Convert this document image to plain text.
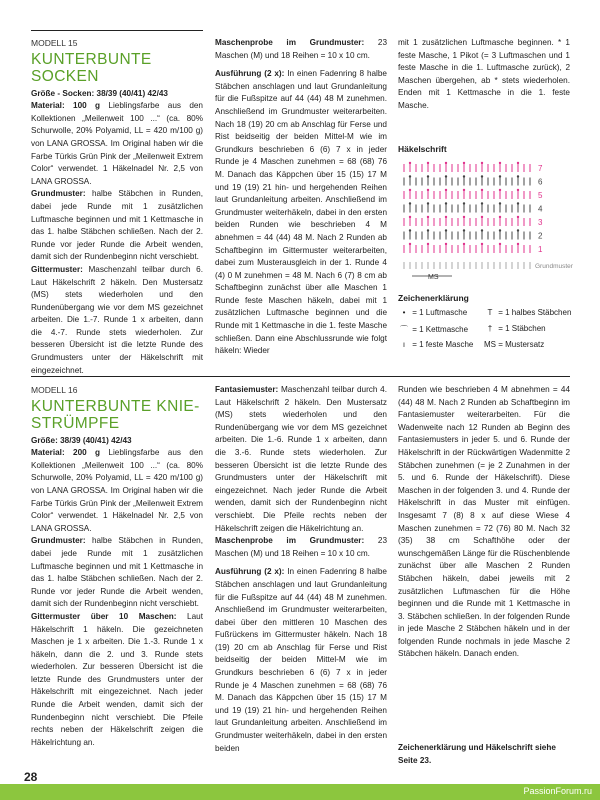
MODELL 15

KUNTERBUNTE SOCKEN

Größe - Socken: 38/39 (40/41) 42/43

Material: 100 g Lieblingsfarbe aus den Kollektionen „Meilenweit 100 ...“ (ca. 80% Schurwolle, 20% Polyamid, LL = 420 m/100 g) von LANA GROSSA. Im Original haben wir die Farbe Türkis Grün Pink der „Meilenweit Extrem Color“ verwendet. 1 Häkelnadel Nr. 2,5 von LANA GROSSA.

Grundmuster: halbe Stäbchen in Runden, dabei jede Runde mit 1 zusätzlichen Luftmasche beginnen und mit 1 Kettmasche in das 1. halbe Stäbchen schließen. Nach der 2. Runde vor jeder Runde die Arbeit wenden, damit sich der Rundenbeginn nicht verschiebt.

Gittermuster: Maschenzahl teilbar durch 6. Laut Häkelschrift 2 häkeln. Den Mustersatz (MS) stets wiederholen und den Rundenübergang wie vor dem MS gezeichnet arbeiten. Die 1.-7. Runde 1 x arbeiten, dann die 4.-7. Runde stets wiederholen. Zur besseren Übersicht ist die letzte Runde des Grundmusters unter der Häkelschrift mit eingezeichnet.

Maschenprobe im Grundmuster: 23 Maschen (M) und 18 Reihen = 10 x 10 cm.

Ausführung (2 x): In einen Fadenring 8 halbe Stäbchen anschlagen und laut Grundanleitung für die Fußspitze auf 44 (44) 48 M zunehmen. Anschließend im Grundmuster weiterarbeiten. Nach 18 (19) 20 cm ab Anschlag für Ferse und Rist beidseitig der beiden Mittel-M wie im Grundkurs beschrieben 6 (6) 7 x in jeder Runde je 4 Maschen zunehmen = 68 (68) 76 M. Danach das Käppchen über 15 (15) 17 M und 19 (19) 21 hin- und hergehenden Reihen laut Grundanleitung arbeiten. Anschließend im Grundmuster weiterhäkeln, dabei in den ersten beiden Runden wie beschrieben 4 M abnehmen = 44 (44) 48 M. Nach 2 Runden ab Schaftbeginn im Gittermuster weiterarbeiten, dabei zum Musterausgleich in der 1. Runde 4 (4) 0 M zunehmen = 48 M. Nach 6 (7) 8 cm ab Schaftbeginn zunächst über alle Maschen 1 Runde feste Maschen häkeln, dabei mit 1 zusätzlichen Luftmasche beginnen und die Runde mit 1 Kettmasche in die 1. feste Masche schließen. Dann eine Abschlussrunde wie folgt häkeln: Wieder

mit 1 zusätzlichen Luftmasche beginnen. * 1 feste Masche, 1 Pikot (= 3 Luftmaschen und 1 feste Masche in die 1. Luftmasche zurück), 2 Maschen übergehen, ab * stets wiederholen. Enden mit 1 Kettmasche in die 1. feste Masche.

Häkelschrift
7
6
5
4
3
2
1
MS
Grundmuster
Zeichenerklärung
• = 1 Luftmasche	T = 1 halbes Stäbchen
⌒ = 1 Kettmasche	† = 1 Stäbchen
ı = 1 feste Masche MS = Mustersatz

MODELL 16

KUNTERBUNTE KNIE-
STRÜMPFE

Größe: 38/39 (40/41) 42/43

Material: 200 g Lieblingsfarbe aus den Kollektionen „Meilenweit 100 ...“ (ca. 80% Schurwolle, 20% Polyamid, LL = 420 m/100 g) von LANA GROSSA. Im Original haben wir die Farbe Türkis Grün Pink der „Meilenweit Extrem Color“ verwendet. 1 Häkelnadel Nr. 2,5 von LANA GROSSA.

Grundmuster: halbe Stäbchen in Runden, dabei jede Runde mit 1 zusätzlichen Luftmasche beginnen und mit 1 Kettmasche in das 1. halbe Stäbchen schließen. Nach der 2. Runde vor jeder Runde die Arbeit wenden, damit sich der Rundenbeginn nicht verschiebt.

Gittermuster über 10 Maschen: Laut Häkelschrift 1 häkeln. Die gezeichneten Maschen je 1 x arbeiten. Die 1.-3. Runde 1 x häkeln, dann die 2. und 3. Runde stets wiederholen. Zur besseren Übersicht ist die letzte Runde des Grundmusters unter der Häkelschrift mit eingezeichnet. Nach jeder Runde die Arbeit wenden, damit sich der Rundenbeginn nicht verschiebt. Die Pfeile rechts neben der Häkelschrift zeigen die Häkelrichtung an.

Fantasiemuster: Maschenzahl teilbar durch 4. Laut Häkelschrift 2 häkeln. Den Mustersatz (MS) stets wiederholen und den Rundenübergang wie vor dem MS gezeichnet arbeiten. Die 1.-6. Runde 1 x arbeiten, dann die 3.-6. Runde stets wiederholen. Zur besseren Übersicht ist die letzte Runde des Grundmusters unter der Häkelschrift mit eingezeichnet. Nach jeder Runde die Arbeit wenden, damit sich der Rundenbeginn nicht verschiebt. Die Pfeile rechts neben der Häkelschrift zeigen die Häkelrichtung an.

Maschenprobe im Grundmuster: 23 Maschen (M) und 18 Reihen = 10 x 10 cm.

Ausführung (2 x): In einen Fadenring 8 halbe Stäbchen anschlagen und laut Grundanleitung für die Fußspitze auf 44 (44) 48 M zunehmen. Anschließend im Grundmuster weiterarbeiten, dabei über den mittleren 10 Maschen des Fußrückens im Gittermuster häkeln. Nach 18 (19) 20 cm ab Anschlag für Ferse und Rist beidseitig der beiden Mittel-M wie im Grundkurs beschrieben 6 (6) 7 x in jeder Runde je 4 Maschen zunehmen = 68 (68) 76 M. Danach das Käppchen über 15 (15) 17 M und 19 (19) 21 hin- und hergehenden Reihen laut Grundanleitung arbeiten. Anschließend im Grundmuster weiterhäkeln, dabei in den ersten beiden

Runden wie beschrieben 4 M abnehmen = 44 (44) 48 M. Nach 2 Runden ab Schaftbeginn im Fantasiemuster weiterarbeiten. Für die Wadenweite nach 12 Runden ab Beginn des Fantasiemusters in jeder 5. und 6. Runde der Häkelschrift in der Rückwärtigen Wadenmitte 2 Stäbchen zunehmen (= je 2 Zunahmen in der 5. und 6. Runde der Häkelschrift). Diese Maschen in der folgenden 3. und 4. Runde der Häkelschrift in das Muster mit einfügen. Insgesamt 7 (8) 8 x auf diese Wiese 4 Maschen zunehmen = 72 (76) 80 M. Nach 32 (35) 38 cm Schafthöhe oder der wunschgemäßen Länge für die Rüschenblende zunächst über alle Maschen 2 Runden Stäbchen häkeln, dabei jeweils mit 2 zusätzlichen Luftmaschen für die Höhe beginnen und die Runde mit 1 Kettmasche in 3. Stäbchen schließen. In der folgenden Runde in jede Masche 2 Stäbchen häkeln und in der folgenden Runde nochmals in jede Masche 2 Stäbchen häkeln. Danach enden.

Zeichenerklärung und Häkelschrift siehe Seite 23.
28
PassionForum.ru
